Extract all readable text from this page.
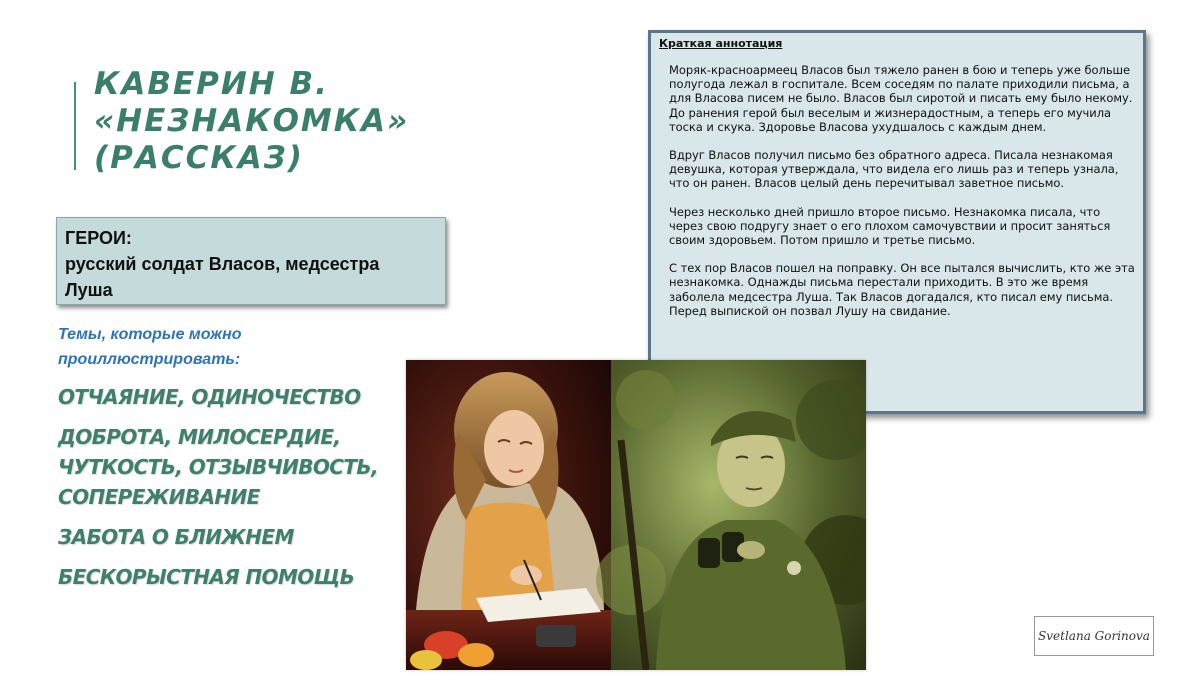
КАВЕРИН В.
«НЕЗНАКОМКА»
(РАССКАЗ)
ГЕРОИ:
русский солдат Власов, медсестра
Луша
Темы, которые можно
проиллюстрировать:
ОТЧАЯНИЕ, ОДИНОЧЕСТВО
ДОБРОТА, МИЛОСЕРДИЕ,
ЧУТКОСТЬ, ОТЗЫВЧИВОСТЬ,
СОПЕРЕЖИВАНИЕ
ЗАБОТА О БЛИЖНЕМ
БЕСКОРЫСТНАЯ ПОМОЩЬ
Краткая аннотация

Моряк-красноармеец Власов был тяжело ранен в бою и теперь уже больше полугода лежал в госпитале. Всем соседям по палате приходили письма, а для Власова писем не было. Власов был сиротой и писать ему было некому. До ранения герой был веселым и жизнерадостным, а теперь его мучила тоска и скука. Здоровье Власова ухудшалось с каждым днем.

Вдруг Власов получил письмо без обратного адреса. Писала незнакомая девушка, которая утверждала, что видела его лишь раз и теперь узнала, что он ранен. Власов целый день перечитывал заветное письмо.

Через несколько дней пришло второе письмо. Незнакомка писала, что через свою подругу знает о его плохом самочувствии и просит заняться своим здоровьем. Потом пришло и третье письмо.

С тех пор Власов пошел на поправку. Он все пытался вычислить, кто же эта незнакомка. Однажды письма перестали приходить. В это же время заболела медсестра Луша. Так Власов догадался, кто писал ему письма. Перед выпиской он позвал Лушу на свидание.

Svetlana Gorinova
